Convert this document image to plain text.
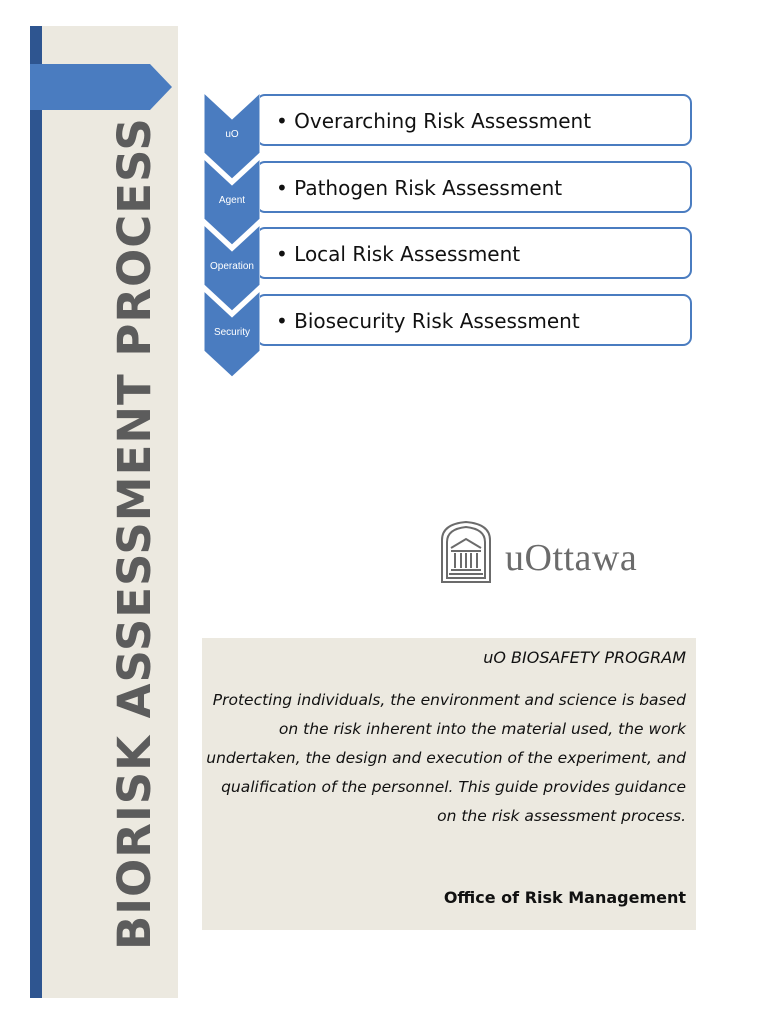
BIORISK ASSESSMENT PROCESS	• Overarching Risk Assessment
• Pathogen Risk Assessment
• Local Risk Assessment
• Biosecurity Risk Assessment
uO
Agent
Operation
Security
uOttawa
uO BIOSAFETY PROGRAM
Protecting individuals, the environment and science is based on the risk inherent into the material used, the work undertaken, the design and execution of the experiment, and qualification of the personnel. This guide provides guidance on the risk assessment process.
Office of Risk Management
